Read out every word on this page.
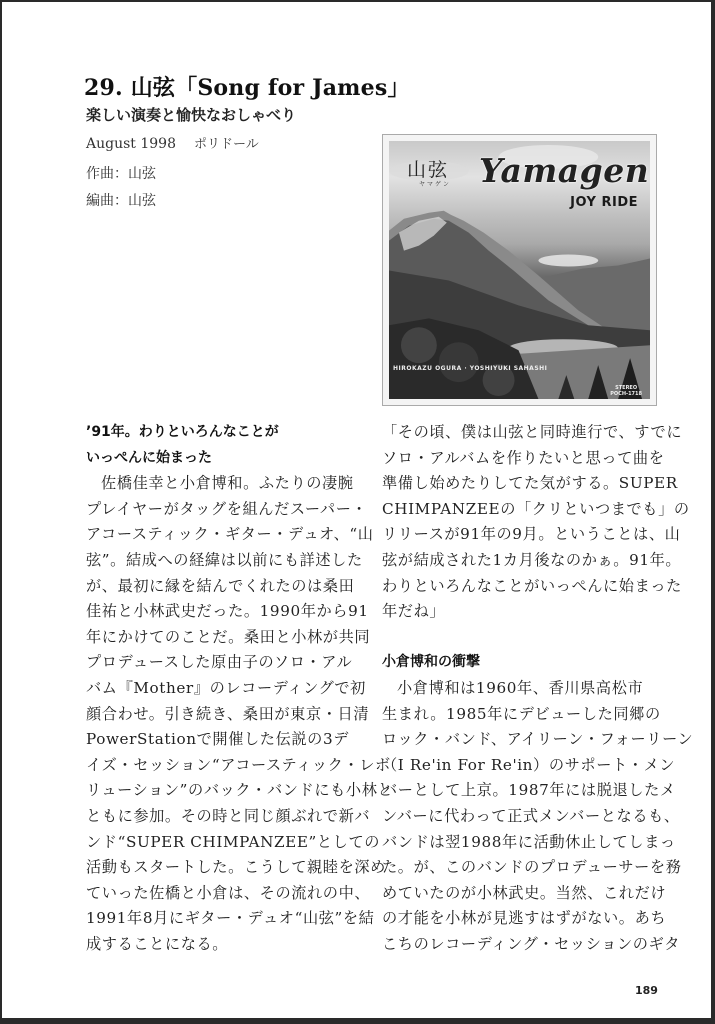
29. 山弦「Song for James」
楽しい演奏と愉快なおしゃべり
August 1998 ポリドール
作曲：山弦
編曲：山弦
山弦
ヤマゲン Yamagen
JOY RIDE
HIROKAZU OGURA · YOSHIYUKI SAHASHI
STEREO
POCH-1718
’91年。わりといろんなことが
いっぺんに始まった
佐橋佳幸と小倉博和。ふたりの凄腕
プレイヤーがタッグを組んだスーパー・
アコースティック・ギター・デュオ、“山
弦”。結成への経緯は以前にも詳述した
が、最初に縁を結んでくれたのは桑田
佳祐と小林武史だった。1990年から91
年にかけてのことだ。桑田と小林が共同
プロデュースした原由子のソロ・アル
バム『Mother』のレコーディングで初
顔合わせ。引き続き、桑田が東京・日清
PowerStationで開催した伝説の3デ
イズ・セッション“アコースティック・レボ
リューション”のバック・バンドにも小林と
ともに参加。その時と同じ顔ぶれで新バ
ンド“SUPER CHIMPANZEE”としての
活動もスタートした。こうして親睦を深め
ていった佐橋と小倉は、その流れの中、
1991年8月にギター・デュオ“山弦”を結
成することになる。
「その頃、僕は山弦と同時進行で、すでに
ソロ・アルバムを作りたいと思って曲を
準備し始めたりしてた気がする。SUPER
CHIMPANZEEの「クリといつまでも」の
リリースが91年の9月。ということは、山
弦が結成された1カ月後なのかぁ。91年。
わりといろんなことがいっぺんに始まった
年だね」
小倉博和の衝撃
小倉博和は1960年、香川県高松市
生まれ。1985年にデビューした同郷の
ロック・バンド、アイリーン・フォーリーン
（I Re'in For Re'in）のサポート・メン
バーとして上京。1987年には脱退したメ
ンバーに代わって正式メンバーとなるも、
バンドは翌1988年に活動休止してしまっ
た。が、このバンドのプロデューサーを務
めていたのが小林武史。当然、これだけ
の才能を小林が見逃すはずがない。あち
こちのレコーディング・セッションのギタ
189
